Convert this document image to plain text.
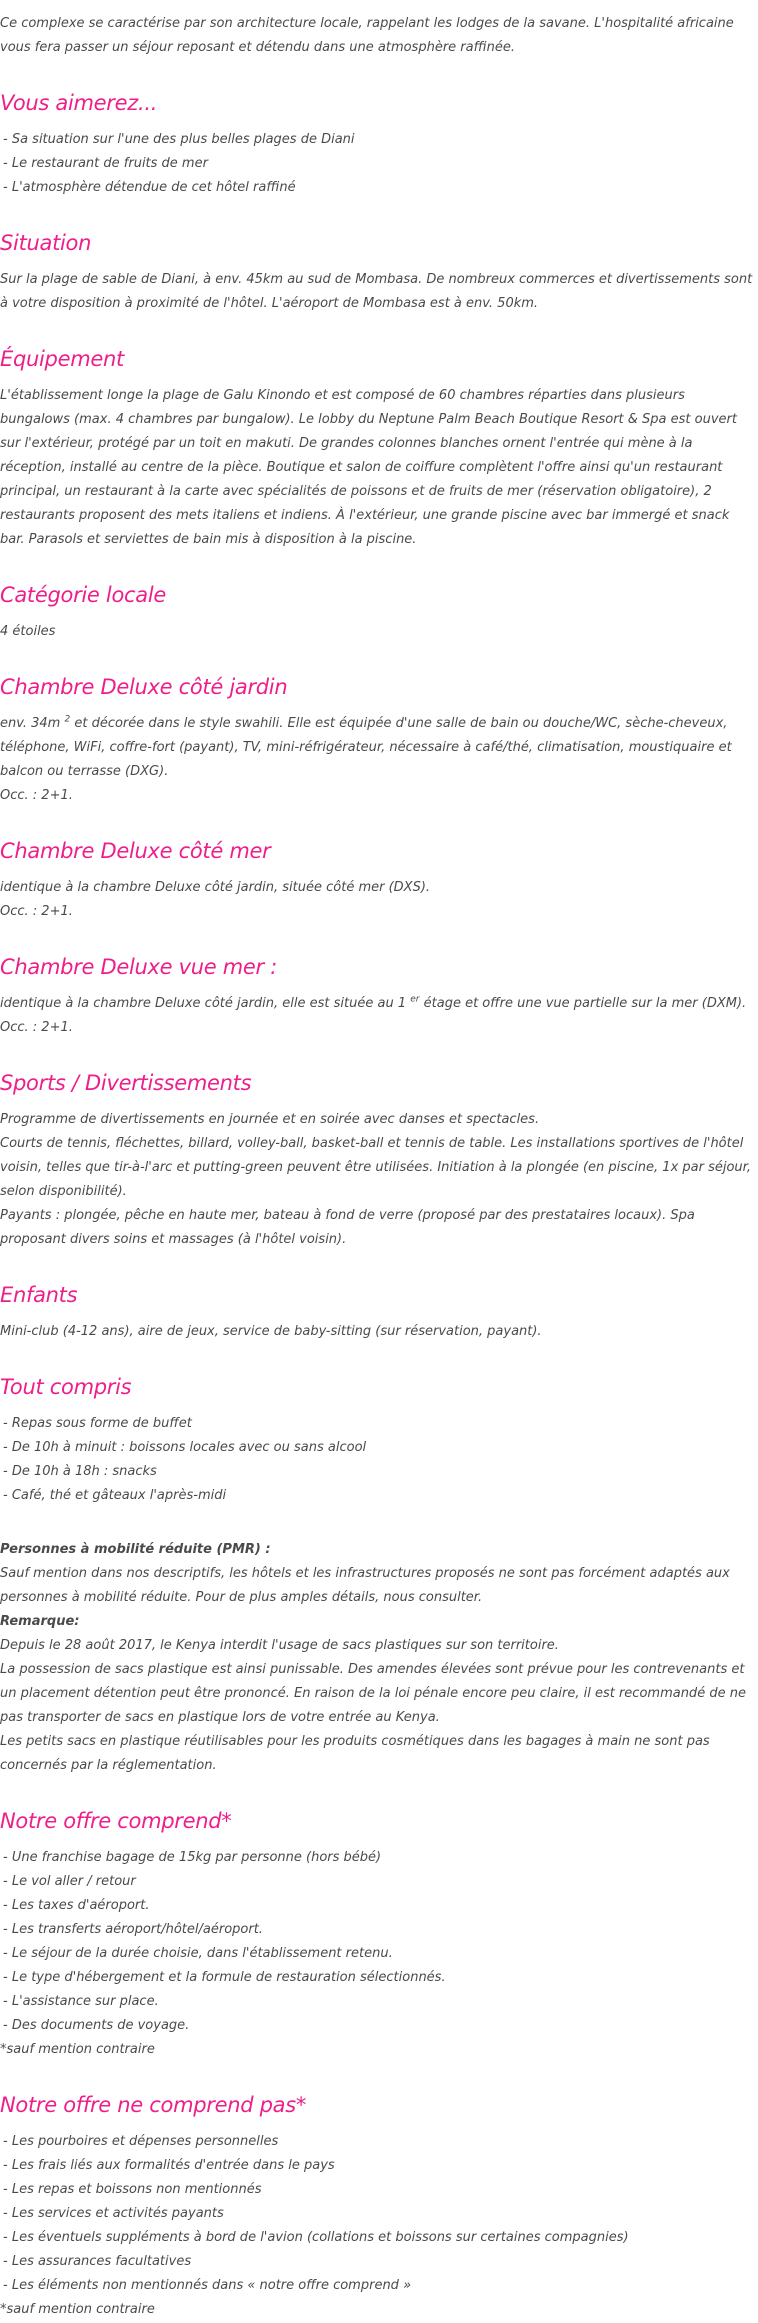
Ce complexe se caractérise par son architecture locale, rappelant les lodges de la savane. L'hospitalité africaine vous fera passer un séjour reposant et détendu dans une atmosphère raffinée.

Vous aimerez...

- Sa situation sur l'une des plus belles plages de Diani

- Le restaurant de fruits de mer

- L'atmosphère détendue de cet hôtel raffiné

Situation

Sur la plage de sable de Diani, à env. 45km au sud de Mombasa. De nombreux commerces et divertissements sont à votre disposition à proximité de l'hôtel. L'aéroport de Mombasa est à env. 50km.

Équipement

L'établissement longe la plage de Galu Kinondo et est composé de 60 chambres réparties dans plusieurs bungalows (max. 4 chambres par bungalow). Le lobby du Neptune Palm Beach Boutique Resort & Spa est ouvert sur l'extérieur, protégé par un toit en makuti. De grandes colonnes blanches ornent l'entrée qui mène à la réception, installé au centre de la pièce. Boutique et salon de coiffure complètent l'offre ainsi qu'un restaurant principal, un restaurant à la carte avec spécialités de poissons et de fruits de mer (réservation obligatoire), 2 restaurants proposent des mets italiens et indiens. À l'extérieur, une grande piscine avec bar immergé et snack bar. Parasols et serviettes de bain mis à disposition à la piscine.

Catégorie locale

4 étoiles

Chambre Deluxe côté jardin

env. 34m $^2$ et décorée dans le style swahili. Elle est équipée d'une salle de bain ou douche/WC, sèche-cheveux, téléphone, WiFi, coffre-fort (payant), TV, mini-réfrigérateur, nécessaire à café/thé, climatisation, moustiquaire et balcon ou terrasse (DXG).

Occ. : 2+1.

Chambre Deluxe côté mer

identique à la chambre Deluxe côté jardin, située côté mer (DXS).

Occ. : 2+1.

Chambre Deluxe vue mer :

identique à la chambre Deluxe côté jardin, elle est située au 1 $^{er}$ étage et offre une vue partielle sur la mer (DXM).

Occ. : 2+1.

Sports / Divertissements

Programme de divertissements en journée et en soirée avec danses et spectacles.

Courts de tennis, fléchettes, billard, volley-ball, basket-ball et tennis de table. Les installations sportives de l'hôtel voisin, telles que tir-à-l'arc et putting-green peuvent être utilisées. Initiation à la plongée (en piscine, 1x par séjour, selon disponibilité).

Payants : plongée, pêche en haute mer, bateau à fond de verre (proposé par des prestataires locaux). Spa proposant divers soins et massages (à l'hôtel voisin).

Enfants

Mini-club (4-12 ans), aire de jeux, service de baby-sitting (sur réservation, payant).

Tout compris

- Repas sous forme de buffet

- De 10h à minuit : boissons locales avec ou sans alcool

- De 10h à 18h : snacks

- Café, thé et gâteaux l'après-midi

Personnes à mobilité réduite (PMR) :

Sauf mention dans nos descriptifs, les hôtels et les infrastructures proposés ne sont pas forcément adaptés aux personnes à mobilité réduite. Pour de plus amples détails, nous consulter.

Remarque:

Depuis le 28 août 2017, le Kenya interdit l'usage de sacs plastiques sur son territoire.

La possession de sacs plastique est ainsi punissable. Des amendes élevées sont prévue pour les contrevenants et un placement détention peut être prononcé. En raison de la loi pénale encore peu claire, il est recommandé de ne pas transporter de sacs en plastique lors de votre entrée au Kenya.

Les petits sacs en plastique réutilisables pour les produits cosmétiques dans les bagages à main ne sont pas concernés par la réglementation.

Notre offre comprend*

- Une franchise bagage de 15kg par personne (hors bébé)

- Le vol aller / retour

- Les taxes d'aéroport.

- Les transferts aéroport/hôtel/aéroport.

- Le séjour de la durée choisie, dans l'établissement retenu.

- Le type d'hébergement et la formule de restauration sélectionnés.

- L'assistance sur place.

- Des documents de voyage.

*sauf mention contraire

Notre offre ne comprend pas*

- Les pourboires et dépenses personnelles

- Les frais liés aux formalités d'entrée dans le pays

- Les repas et boissons non mentionnés

- Les services et activités payants

- Les éventuels suppléments à bord de l'avion (collations et boissons sur certaines compagnies)

- Les assurances facultatives

- Les éléments non mentionnés dans « notre offre comprend »

*sauf mention contraire
